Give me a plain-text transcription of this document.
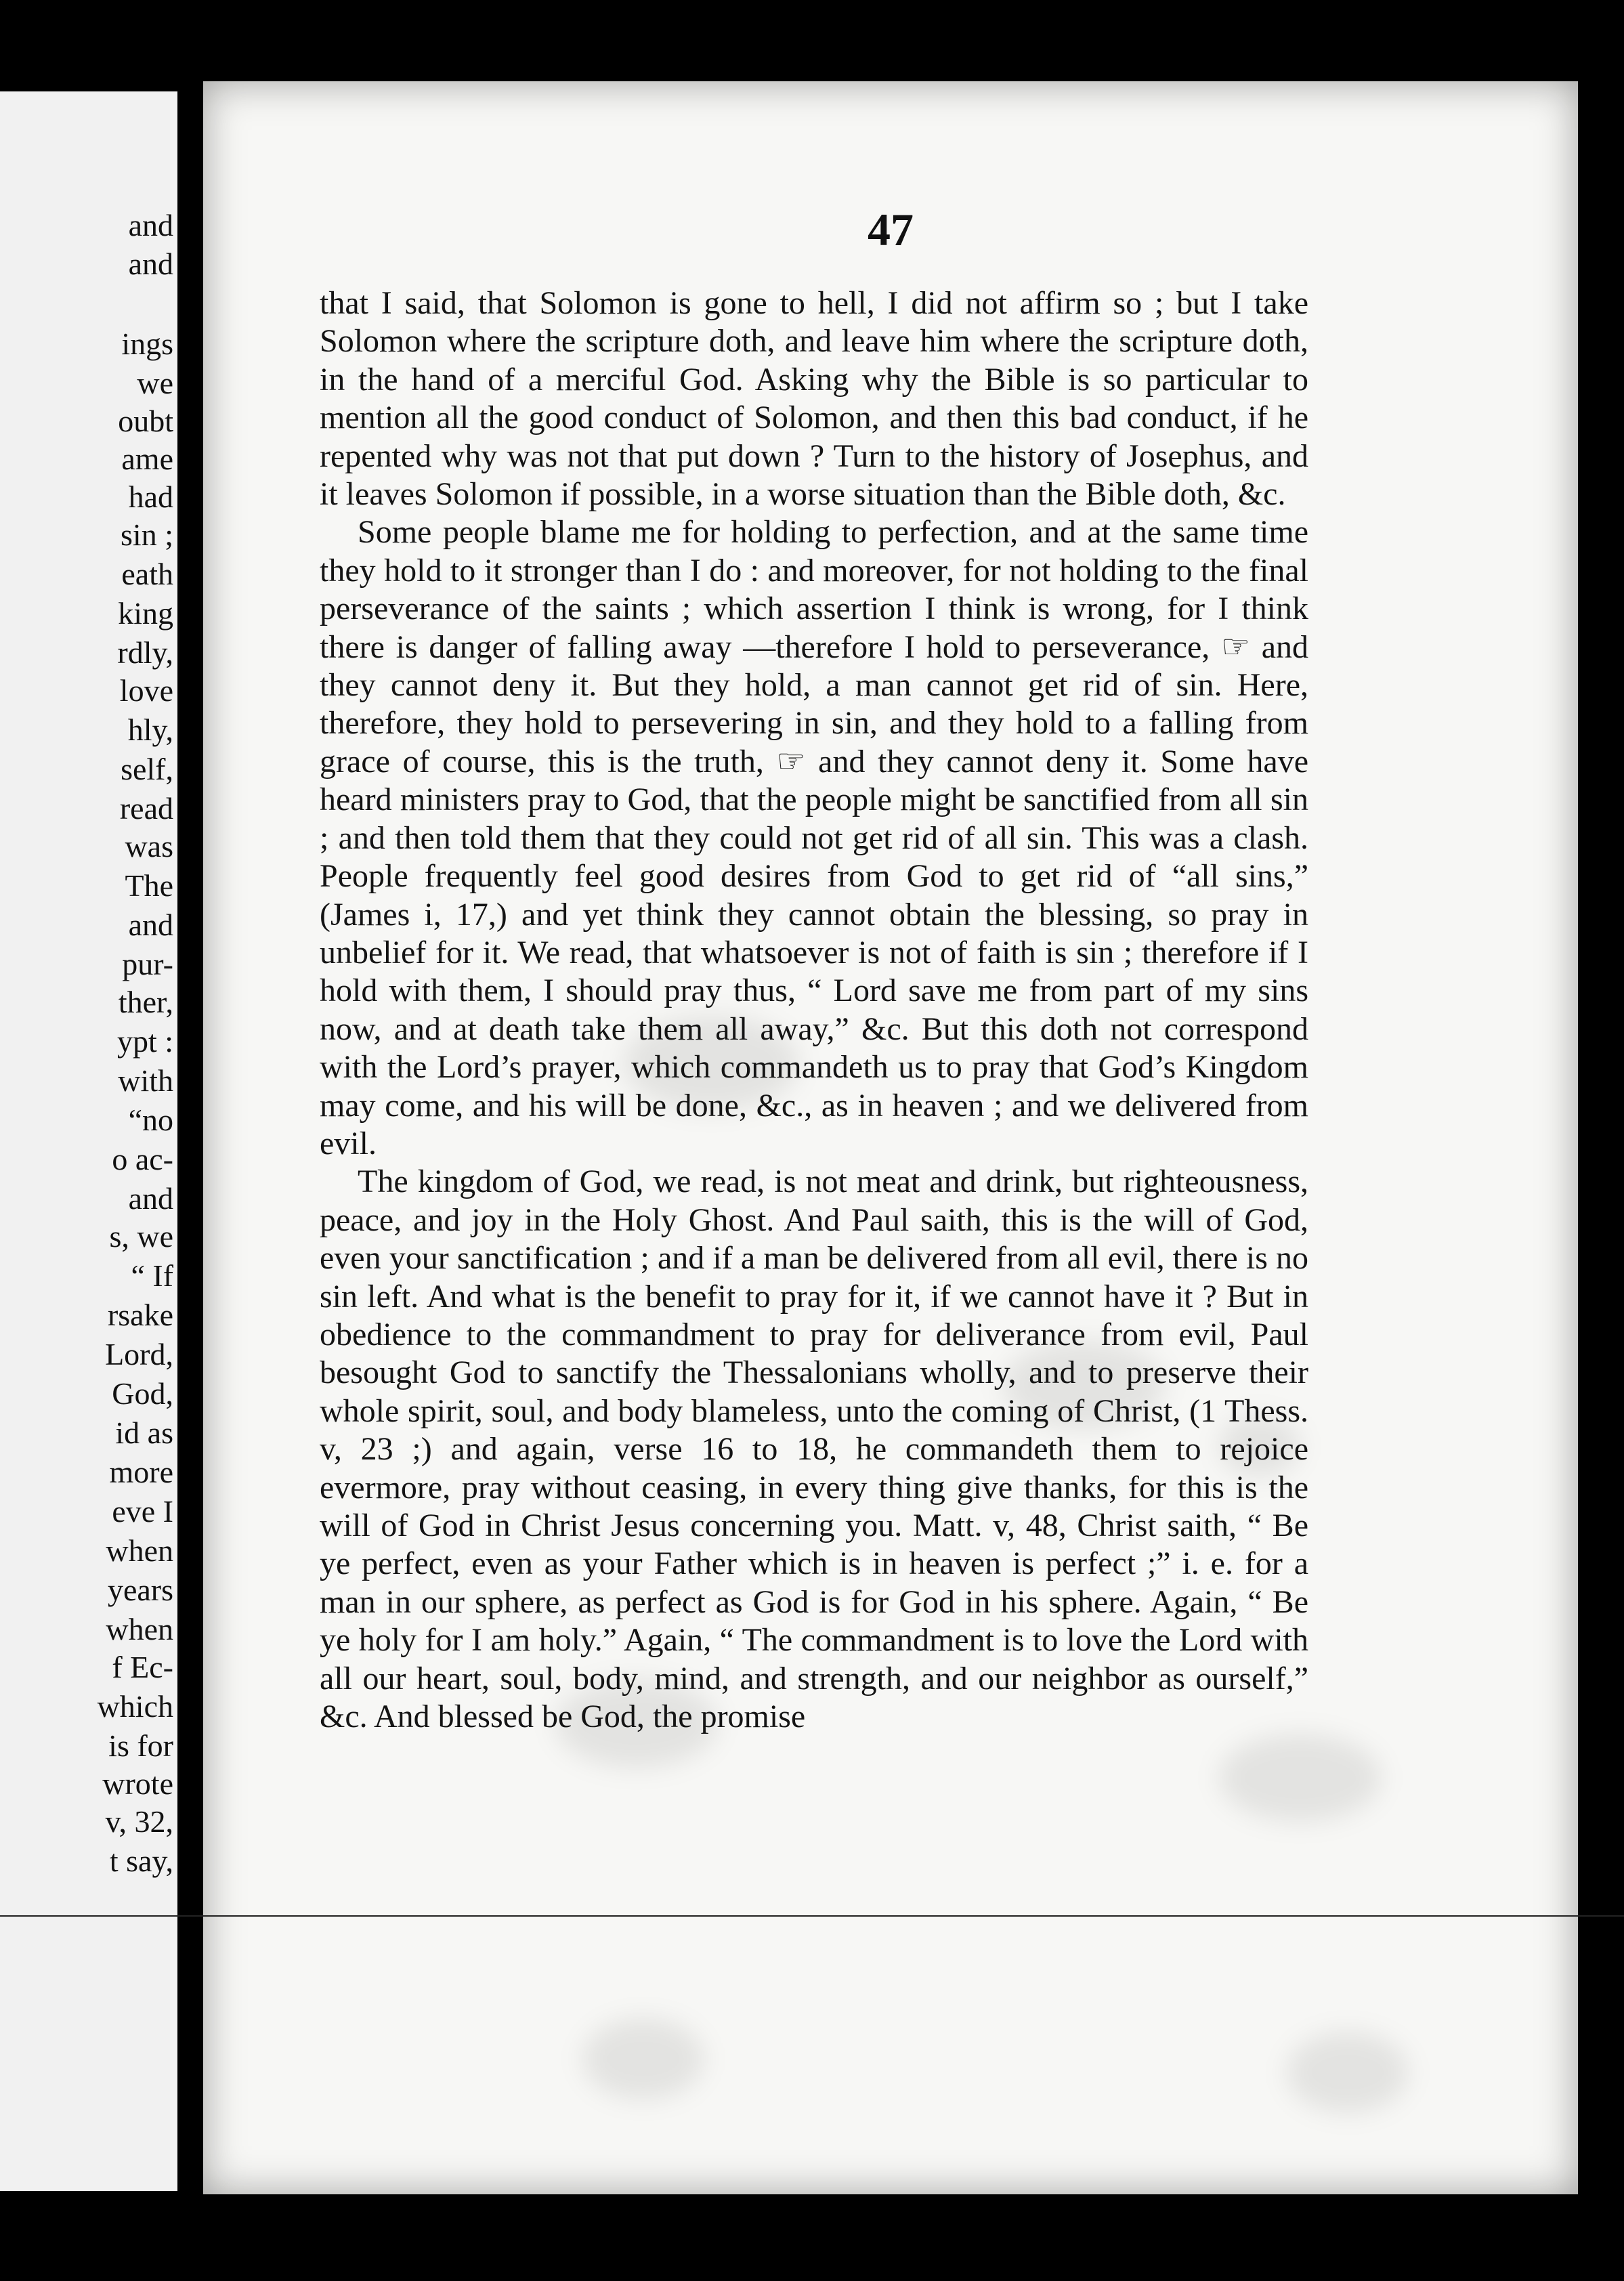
and
and
ings
we
oubt
ame
had
sin ;
eath
king
rdly,
love
hly,
self,
read
was
The
and
pur-
ther,
ypt :
with
“no
o ac-
and
s, we
“ If
rsake
Lord,
God,
id as
more
eve I
when
years
when
f Ec-
which
is for
wrote
v, 32,
t say,
47

that I said, that Solomon is gone to hell, I did not affirm so ; but I take Solomon where the scripture doth, and leave him where the scripture doth, in the hand of a merciful God. Asking why the Bible is so particular to mention all the good conduct of Solomon, and then this bad conduct, if he repented why was not that put down ? Turn to the history of Josephus, and it leaves Solomon if possible, in a worse situation than the Bible doth, &c.

Some people blame me for holding to perfection, and at the same time they hold to it stronger than I do : and moreover, for not holding to the final perseverance of the saints ; which assertion I think is wrong, for I think there is danger of falling away —therefore I hold to perseverance, ☞ and they cannot deny it. But they hold, a man cannot get rid of sin. Here, therefore, they hold to persevering in sin, and they hold to a falling from grace of course, this is the truth, ☞ and they cannot deny it. Some have heard ministers pray to God, that the people might be sanctified from all sin ; and then told them that they could not get rid of all sin. This was a clash. People frequently feel good desires from God to get rid of “all sins,” (James i, 17,) and yet think they cannot obtain the blessing, so pray in unbelief for it. We read, that whatsoever is not of faith is sin ; therefore if I hold with them, I should pray thus, “ Lord save me from part of my sins now, and at death take them all away,” &c. But this doth not correspond with the Lord’s prayer, which commandeth us to pray that God’s Kingdom may come, and his will be done, &c., as in heaven ; and we delivered from evil.

The kingdom of God, we read, is not meat and drink, but righteousness, peace, and joy in the Holy Ghost. And Paul saith, this is the will of God, even your sanctification ; and if a man be delivered from all evil, there is no sin left. And what is the benefit to pray for it, if we cannot have it ? But in obedience to the commandment to pray for deliverance from evil, Paul besought God to sanctify the Thessalonians wholly, and to preserve their whole spirit, soul, and body blameless, unto the coming of Christ, (1 Thess. v, 23 ;) and again, verse 16 to 18, he commandeth them to rejoice evermore, pray without ceasing, in every thing give thanks, for this is the will of God in Christ Jesus concerning you. Matt. v, 48, Christ saith, “ Be ye perfect, even as your Father which is in heaven is perfect ;” i. e. for a man in our sphere, as perfect as God is for God in his sphere. Again, “ Be ye holy for I am holy.” Again, “ The commandment is to love the Lord with all our heart, soul, body, mind, and strength, and our neighbor as ourself,” &c. And blessed be God, the promise
